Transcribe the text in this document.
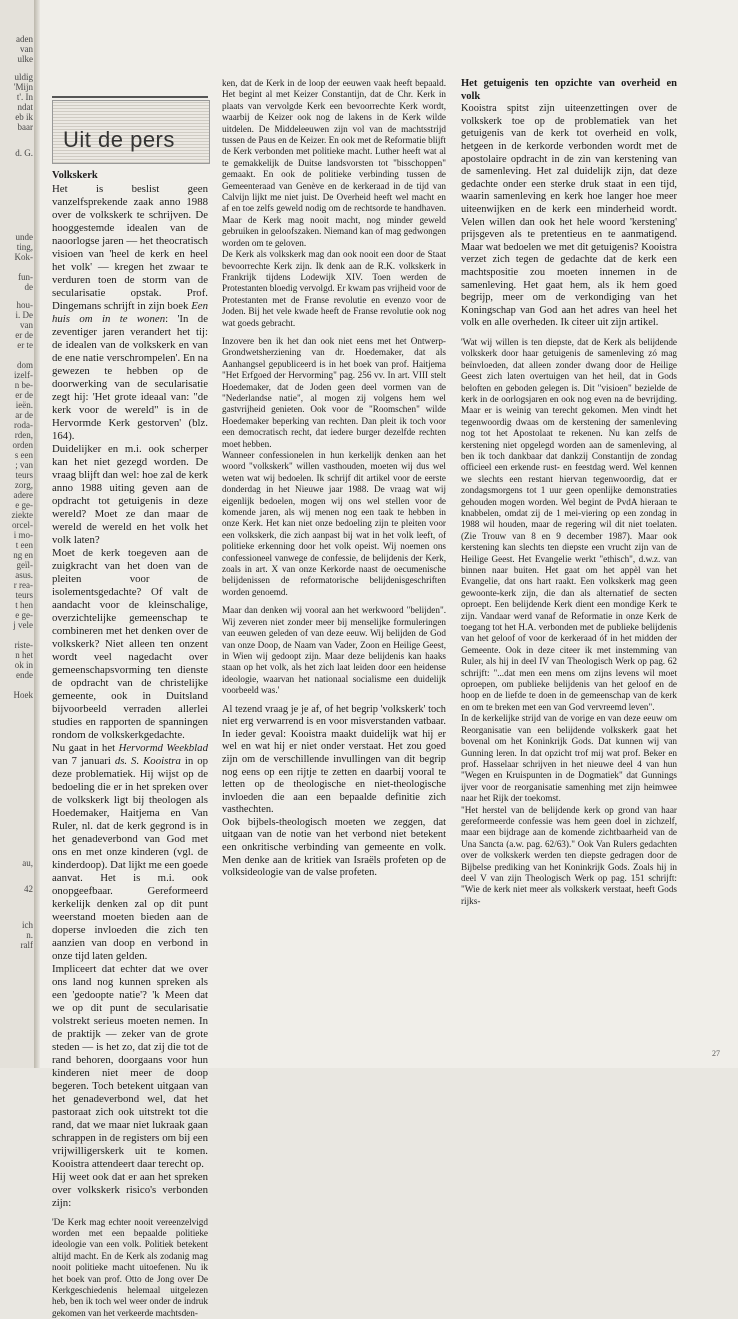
aden
van
ulke
uldig
'Mijn
t'. In
ndat
eb ik
baar
d. G.
unde
ting,
Kok-
fun-
de
hou-
i. De
van
er de
er te
dom
izelf-
n be-
er de
ieën.
ar de
roda-
rden,
orden
s een
; van
teurs
zorg,
adere
e ge-
ziekte
orcel-
i mo-
t een
ng en
geïl-
asus.
r rea-
teurs
t hen
e ge-
j vele
riste-
n het
ok in
ende
Hoek
au,
42
ich
n.
ralf
Uit de pers
Volkskerk

Het is beslist geen vanzelfsprekende zaak anno 1988 over de volkskerk te schrijven. De hooggestemde idealen van de naoorlogse jaren — het theocratisch visioen van 'heel de kerk en heel het volk' — kregen het zwaar te verduren toen de storm van de secularisatie opstak. Prof. Dingemans schrijft in zijn boek Een huis om in te wonen: 'In de zeventiger jaren verandert het tij: de idealen van de volkskerk en van de ene natie verschrompelen'. En na gewezen te hebben op de doorwerking van de secularisatie zegt hij: 'Het grote ideaal van: "de kerk voor de wereld" is in de Hervormde Kerk gestorven' (blz. 164).

Duidelijker en m.i. ook scherper kan het niet gezegd worden. De vraag blijft dan wel: hoe zal de kerk anno 1988 uiting geven aan de opdracht tot getuigenis in deze wereld? Moet ze dan maar de wereld de wereld en het volk het volk laten?

Moet de kerk toegeven aan de zuigkracht van het doen van de pleiten voor de isolementsgedachte? Of valt de aandacht voor de kleinschalige, overzichtelijke gemeenschap te combineren met het denken over de volkskerk? Niet alleen ten onzent wordt veel nagedacht over gemeenschapsvorming ten dienste de opdracht van de christelijke gemeente, ook in Duitsland bijvoorbeeld verraden allerlei studies en rapporten de spanningen rondom de volkskerkgedachte.

Nu gaat in het Hervormd Weekblad van 7 januari ds. S. Kooistra in op deze problematiek. Hij wijst op de bedoeling die er in het spreken over de volkskerk ligt bij theologen als Hoedemaker, Haitjema en Van Ruler, nl. dat de kerk gegrond is in het genadeverbond van God met ons en met onze kinderen (vgl. de kinderdoop). Dat lijkt me een goede aanvat. Het is m.i. ook onopgeefbaar. Gereformeerd kerkelijk denken zal op dit punt weerstand moeten bieden aan de doperse invloeden die zich ten aanzien van doop en verbond in onze tijd laten gelden.

Impliceert dat echter dat we over ons land nog kunnen spreken als een 'gedoopte natie'? 'k Meen dat we op dit punt de secularisatie volstrekt serieus moeten nemen. In de praktijk — zeker van de grote steden — is het zo, dat zij die tot de rand behoren, doorgaans voor hun kinderen niet meer de doop begeren. Toch betekent uitgaan van het genadeverbond wel, dat het pastoraat zich ook uitstrekt tot die rand, dat we maar niet lukraak gaan schrappen in de registers om bij een vrijwilligerskerk uit te komen. Kooistra attendeert daar terecht op.

Hij weet ook dat er aan het spreken over volkskerk risico's verbonden zijn:

'De Kerk mag echter nooit vereenzelvigd worden met een bepaalde politieke ideologie van een volk. Politiek betekent altijd macht. En de Kerk als zodanig mag nooit politieke macht uitoefenen. Nu ik het boek van prof. Otto de Jong over De Kerkgeschiedenis helemaal uitgelezen heb, ben ik toch wel weer onder de indruk gekomen van het verkeerde machtsden-

ken, dat de Kerk in de loop der eeuwen vaak heeft bepaald. Het begint al met Keizer Constantijn, dat de Chr. Kerk in plaats van vervolgde Kerk een bevoorrechte Kerk wordt, waarbij de Keizer ook nog de lakens in de Kerk wilde uitdelen. De Middeleeuwen zijn vol van de machtsstrijd tussen de Paus en de Keizer. En ook met de Reformatie blijft de Kerk verbonden met politieke macht. Luther heeft wat al te gemakkelijk de Duitse landsvorsten tot "bisschoppen" gemaakt. En ook de politieke verbinding tussen de Gemeenteraad van Genève en de kerkeraad in de tijd van Calvijn lijkt me niet juist. De Overheid heeft wel macht en af en toe zelfs geweld nodig om de rechtsorde te handhaven. Maar de Kerk mag nooit macht, nog minder geweld gebruiken in geloofszaken. Niemand kan of mag gedwongen worden om te geloven.

De Kerk als volkskerk mag dan ook nooit een door de Staat bevoorrechte Kerk zijn. Ik denk aan de R.K. volkskerk in Frankrijk tijdens Lodewijk XIV. Toen werden de Protestanten bloedig vervolgd. Er kwam pas vrijheid voor de Protestanten met de Franse revolutie en evenzo voor de Joden. Bij het vele kwade heeft de Franse revolutie ook nog wat goeds gebracht.

Inzovere ben ik het dan ook niet eens met het Ontwerp-Grondwetsherziening van dr. Hoedemaker, dat als Aanhangsel gepubliceerd is in het boek van prof. Haitjema "Het Erfgoed der Hervorming" pag. 256 vv. In art. VIII stelt Hoedemaker, dat de Joden geen deel vormen van de "Nederlandse natie", al mogen zij volgens hem wel gastvrijheid genieten. Ook voor de "Roomschen" wilde Hoedemaker beperking van rechten. Dan pleit ik toch voor een democratisch recht, dat iedere burger dezelfde rechten moet hebben.

Wanneer confessionelen in hun kerkelijk denken aan het woord "volkskerk" willen vasthouden, moeten wij dus wel weten wat wij bedoelen. Ik schrijf dit artikel voor de eerste donderdag in het Nieuwe jaar 1988. De vraag wat wij eigenlijk bedoelen, mogen wij ons wel stellen voor de komende jaren, als wij menen nog een taak te hebben in onze Kerk. Het kan niet onze bedoeling zijn te pleiten voor een volkskerk, die zich aanpast bij wat in het volk leeft, of politieke erkenning door het volk opeist. Wij noemen ons confessioneel vanwege de confessie, de belijdenis der Kerk, zoals in art. X van onze Kerkorde naast de oecumenische belijdenissen de reformatorische belijdenisgeschriften worden genoemd.

Maar dan denken wij vooral aan het werkwoord "belijden". Wij zeveren niet zonder meer bij menselijke formuleringen van eeuwen geleden of van deze eeuw. Wij belijden de God van onze Doop, de Naam van Vader, Zoon en Heilige Geest, in Wien wij gedoopt zijn. Maar deze belijdenis kan haaks staan op het volk, als het zich laat leiden door een heidense ideologie, waarvan het nationaal socialisme een duidelijk voorbeeld was.'

Al tezend vraag je je af, of het begrip 'volkskerk' toch niet erg verwarrend is en voor misverstanden vatbaar. In ieder geval: Kooistra maakt duidelijk wat hij er wel en wat hij er niet onder verstaat. Het zou goed zijn om de verschillende invullingen van dit begrip nog eens op een rijtje te zetten en daarbij vooral te letten op de theologische en niet-theologische invloeden die aan een bepaalde definitie zich vasthechten.

Ook bijbels-theologisch moeten we zeggen, dat uitgaan van de notie van het verbond niet betekent een onkritische verbinding van gemeente en volk. Men denke aan de kritiek van Israëls profeten op de volksideologie van de valse profeten.

Het getuigenis ten opzichte van overheid en volk

Kooistra spitst zijn uiteenzettingen over de volkskerk toe op de problematiek van het getuigenis van de kerk tot overheid en volk, hetgeen in de kerkorde verbonden wordt met de apostolaire opdracht in de zin van kerstening van de samenleving. Het zal duidelijk zijn, dat deze gedachte onder een sterke druk staat in een tijd, waarin samenleving en kerk hoe langer hoe meer uiteenwijken en de kerk een minderheid wordt. Velen willen dan ook het hele woord 'kerstening' prijsgeven als te pretentieus en te aanmatigend. Maar wat bedoelen we met dit getuigenis? Kooistra verzet zich tegen de gedachte dat de kerk een machtspositie zou moeten innemen in de samenleving. Het gaat hem, als ik hem goed begrijp, meer om de verkondiging van het Koningschap van God aan het adres van heel het volk en alle overheden. Ik citeer uit zijn artikel.

'Wat wij willen is ten diepste, dat de Kerk als belijdende volkskerk door haar getuigenis de samenleving zó mag beïnvloeden, dat alleen zonder dwang door de Heilige Geest zich laten overtuigen van het heil, dat in Gods beloften en geboden gelegen is. Dit "visioen" bezielde de kerk in de oorlogsjaren en ook nog even na de bevrijding. Maar er is weinig van terecht gekomen. Men vindt het tegenwoordig dwaas om de kerstening der samenleving nog tot het Apostolaat te rekenen. Nu kan zelfs de kerstening niet opgelegd worden aan de samenleving, al ben ik toch dankbaar dat dankzij Constantijn de zondag officieel een erkende rust- en feestdag werd. Wel kennen we slechts een restant hiervan tegenwoordig, dat er zondagsmorgens tot 1 uur geen openlijke demonstraties gehouden mogen worden. Wel begint de PvdA hieraan te knabbelen, omdat zij de 1 mei-viering op een zondag in 1988 wil houden, maar de regering wil dit niet toelaten. (Zie Trouw van 8 en 9 december 1987). Maar ook kerstening kan slechts ten diepste een vrucht zijn van de Heilige Geest. Het Evangelie werkt "ethisch", d.w.z. van binnen naar buiten. Het gaat om het appèl van het Evangelie, dat ons hart raakt. Een volkskerk mag geen gewoonte-kerk zijn, die dan als alternatief de secten oproept. Een belijdende Kerk dient een mondige Kerk te zijn. Vandaar werd vanaf de Reformatie in onze Kerk de toegang tot het H.A. verbonden met de publieke belijdenis van het geloof of voor de kerkeraad óf in het midden der Gemeente. Ook in deze citeer ik met instemming van Ruler, als hij in deel IV van Theologisch Werk op pag. 62 schrijft: "...dat men een mens om zijns levens wil moet oproepen, om publieke belijdenis van het geloof en de hoop en de liefde te doen in de gemeenschap van de kerk en om te breken met een van God vervreemd leven".

In de kerkelijke strijd van de vorige en van deze eeuw om Reorganisatie van een belijdende volkskerk gaat het bovenal om het Koninkrijk Gods. Dat kunnen wij van Gunning leren. In dat opzicht trof mij wat prof. Beker en prof. Hasselaar schrijven in het nieuwe deel 4 van hun "Wegen en Kruispunten in de Dogmatiek" dat Gunnings ijver voor de reorganisatie samenhing met zijn heimwee naar het Rijk der toekomst.

"Het herstel van de belijdende kerk op grond van haar gereformeerde confessie was hem geen doel in zichzelf, maar een bijdrage aan de komende zichtbaarheid van de Una Sancta (a.w. pag. 62/63)." Ook Van Rulers gedachten over de volkskerk werden ten diepste gedragen door de Bijbelse prediking van het Koninkrijk Gods. Zoals hij in deel V van zijn Theologisch Werk op pag. 151 schrijft: "Wie de kerk niet meer als volkskerk verstaat, heeft Gods rijks-

27
